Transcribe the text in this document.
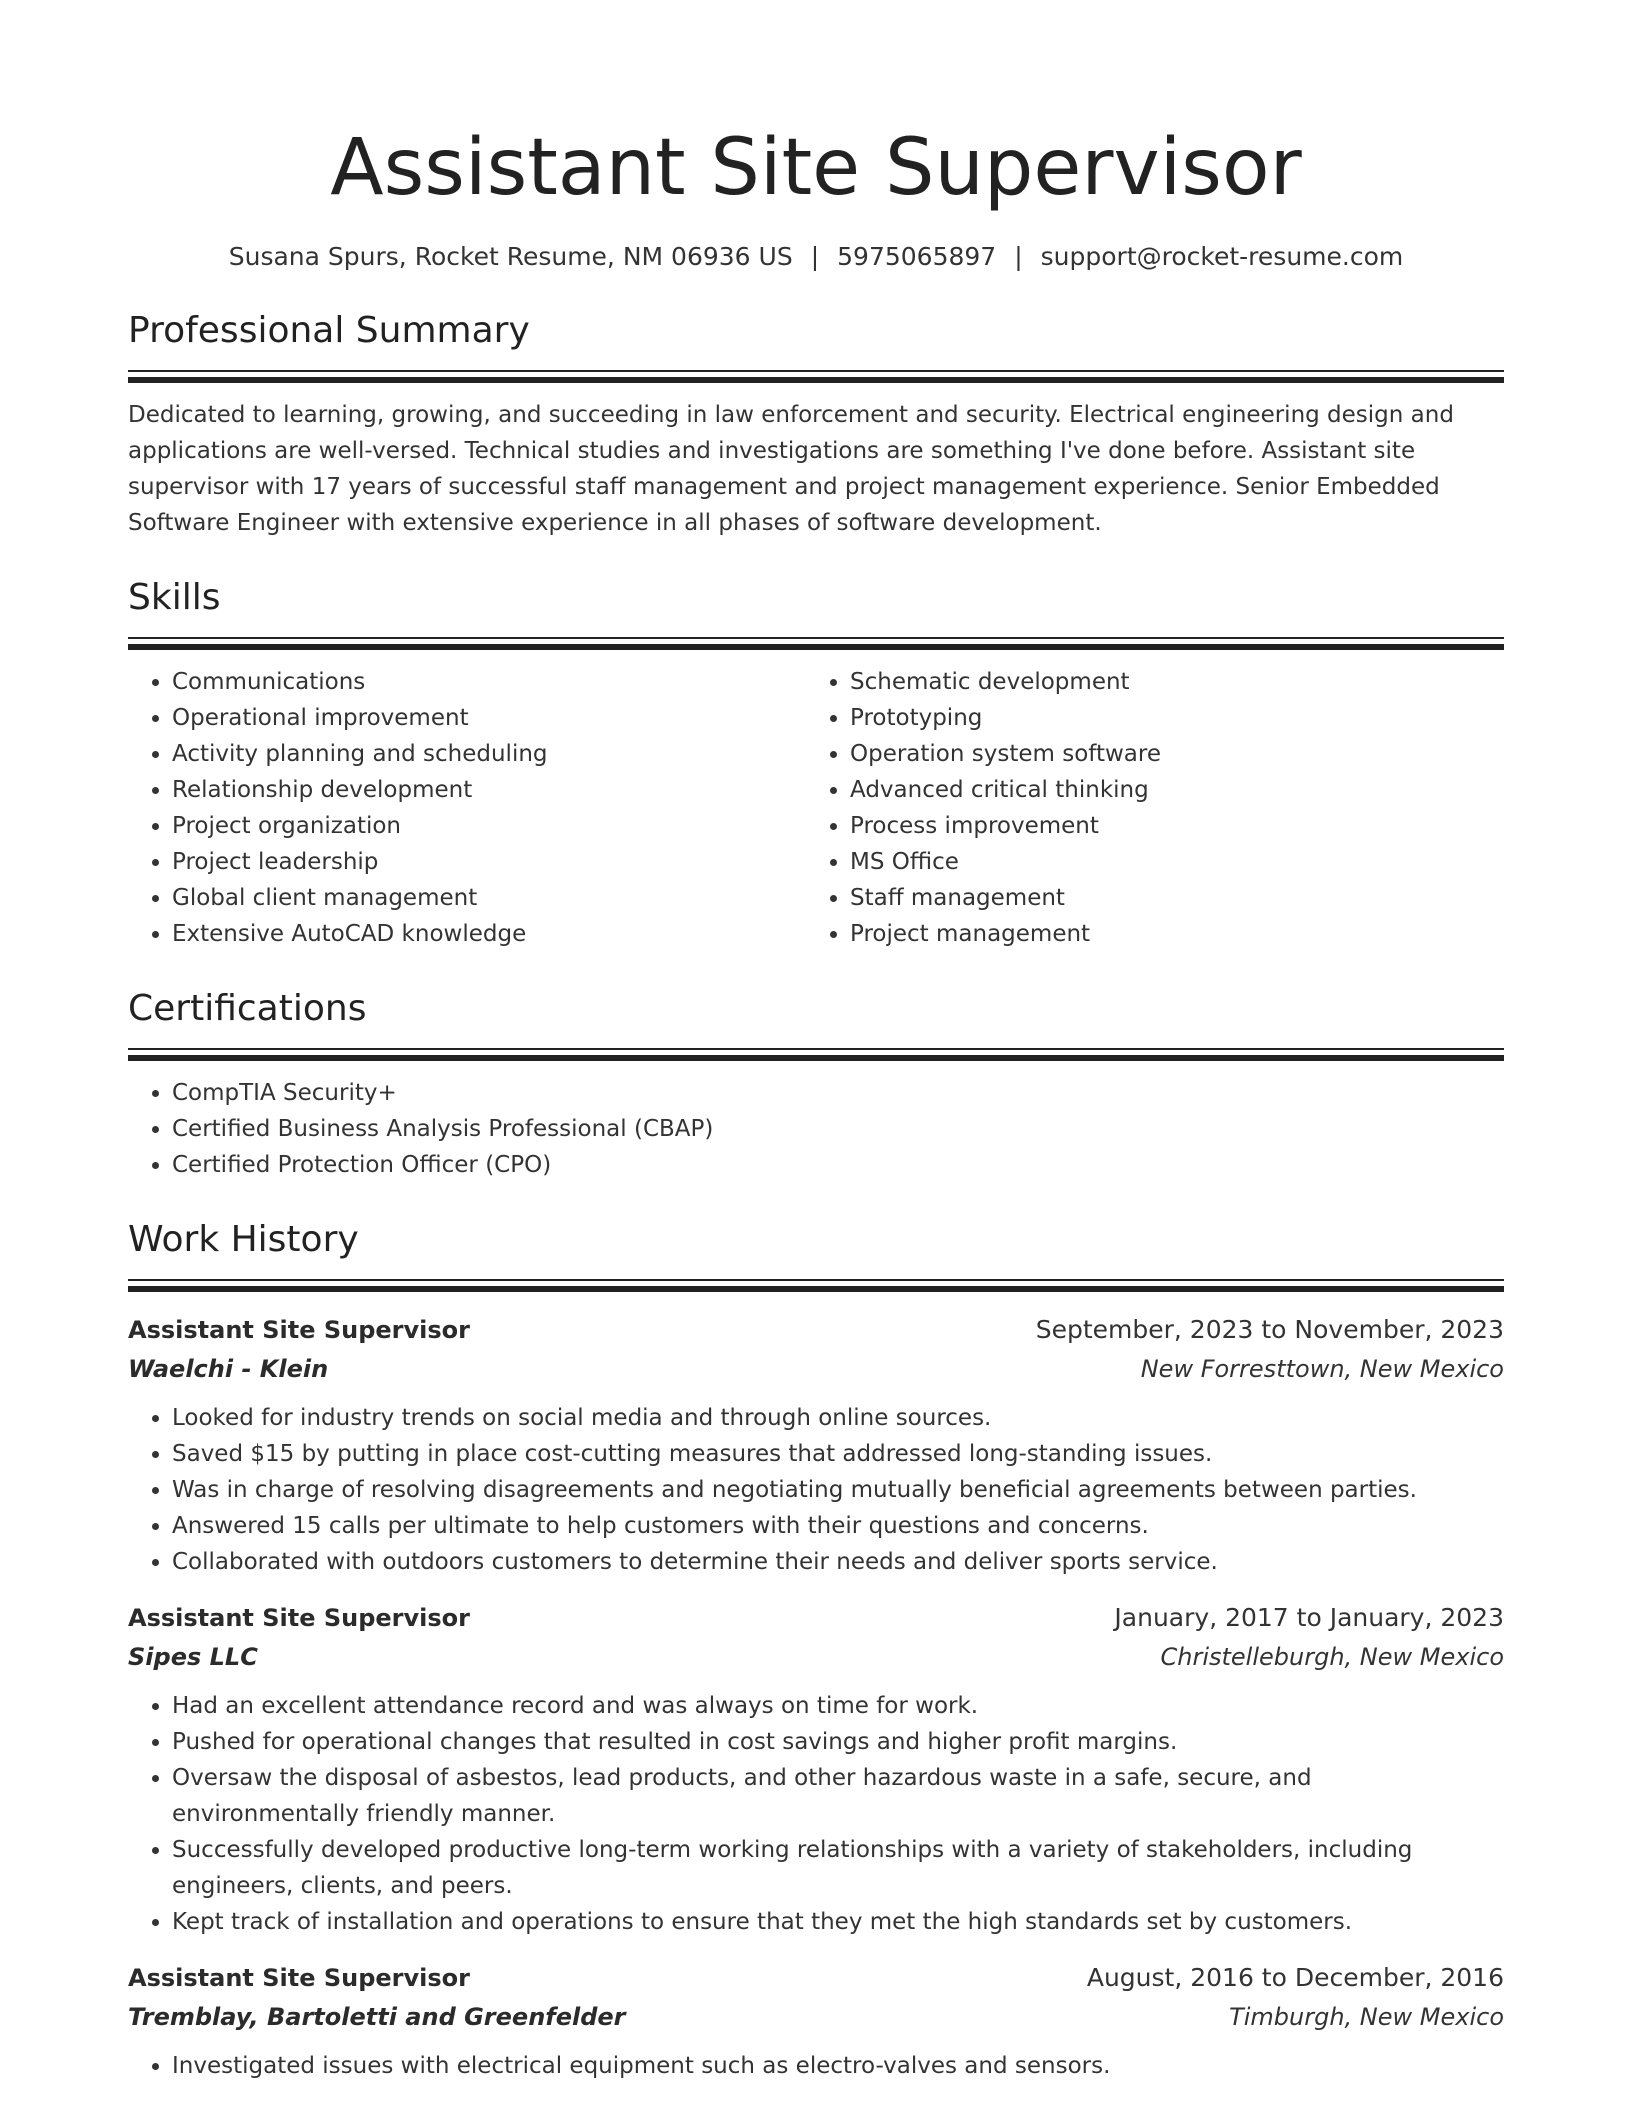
Assistant Site Supervisor
Susana Spurs, Rocket Resume, NM 06936 US | 5975065897 | support@rocket-resume.com
Professional Summary

Dedicated to learning, growing, and succeeding in law enforcement and security. Electrical engineering design and applications are well-versed. Technical studies and investigations are something I've done before. Assistant site supervisor with 17 years of successful staff management and project management experience. Senior Embedded Software Engineer with extensive experience in all phases of software development.

Skills
• Communications
• Operational improvement
• Activity planning and scheduling
• Relationship development
• Project organization
• Project leadership
• Global client management
• Extensive AutoCAD knowledge
• Schematic development
• Prototyping
• Operation system software
• Advanced critical thinking
• Process improvement
• MS Office
• Staff management
• Project management
Certifications
• CompTIA Security+
• Certified Business Analysis Professional (CBAP)
• Certified Protection Officer (CPO)
Work History
Assistant Site Supervisor	September, 2023 to November, 2023
Waelchi - Klein	New Forresttown, New Mexico
• Looked for industry trends on social media and through online sources.
• Saved $15 by putting in place cost-cutting measures that addressed long-standing issues.
• Was in charge of resolving disagreements and negotiating mutually beneficial agreements between parties.
• Answered 15 calls per ultimate to help customers with their questions and concerns.
• Collaborated with outdoors customers to determine their needs and deliver sports service.
Assistant Site Supervisor	January, 2017 to January, 2023
Sipes LLC	Christelleburgh, New Mexico
• Had an excellent attendance record and was always on time for work.
• Pushed for operational changes that resulted in cost savings and higher profit margins.
• Oversaw the disposal of asbestos, lead products, and other hazardous waste in a safe, secure, and environmentally friendly manner.
• Successfully developed productive long-term working relationships with a variety of stakeholders, including engineers, clients, and peers.
• Kept track of installation and operations to ensure that they met the high standards set by customers.
Assistant Site Supervisor	August, 2016 to December, 2016
Tremblay, Bartoletti and Greenfelder	Timburgh, New Mexico
• Investigated issues with electrical equipment such as electro-valves and sensors.
